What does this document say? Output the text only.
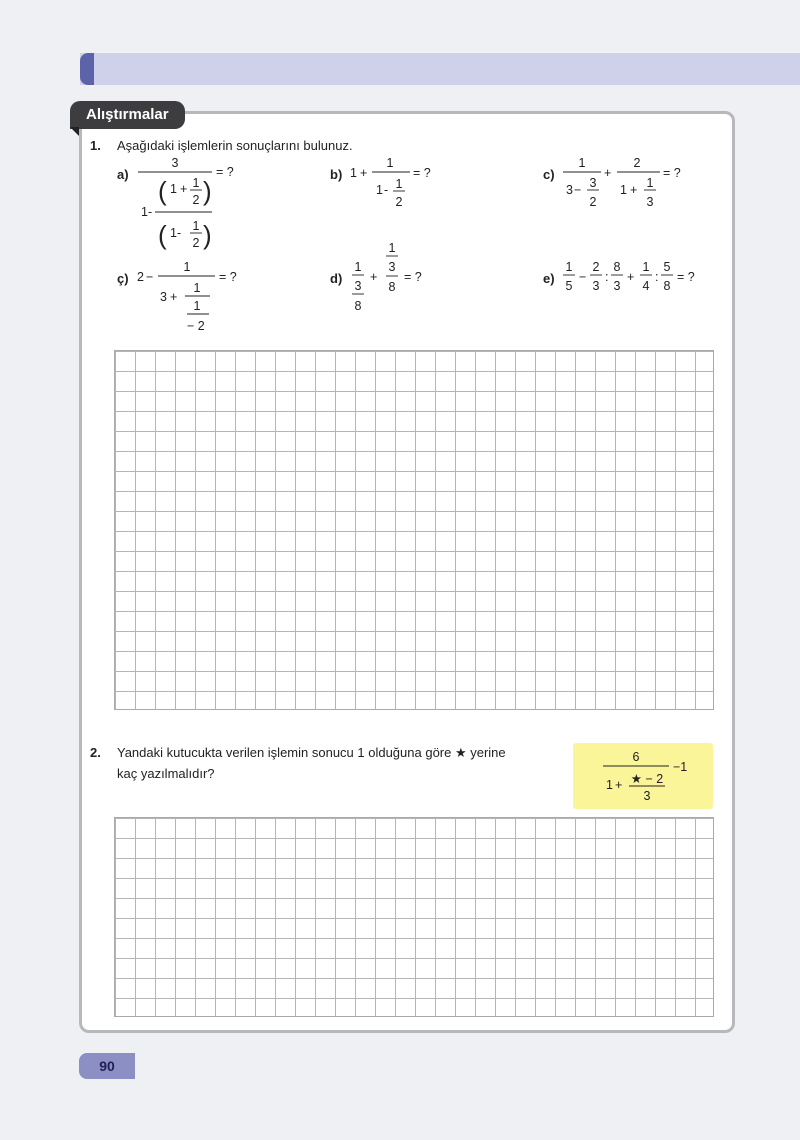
Alıştırmalar
1. Aşağıdaki işlemlerin sonuçlarını bulunuz.
a)	b)	c)
ç)	d)	e)
3
= ?
1 -
( 1 + 1
2 )
( 1 - 1
2 )
1 +
1
= ?
1 - 1
2
1
3 − 3
2
+
2
= ?
1 + 1
3
2 −
1
= ?
3 +
1
1
− 2
1
3
8
+
1
3
8
= ?
1
5
−
2
3
:
8
3
+
1
4
:
5
8
= ?
2. Yandaki kutucukta verilen işlemin sonucu 1 olduğuna göre ★ yerine
kaç yazılmalıdır?
6
−1
1 + ★ − 2
3
90
